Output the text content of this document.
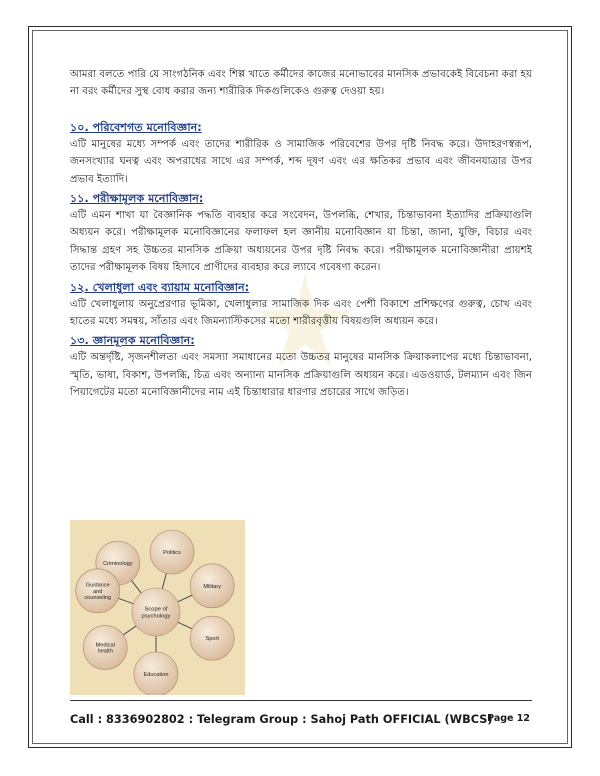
আমরা বলতে পারি যে সাংগঠনিক এবং শিল্প খাতে কর্মীদের কাজের মনোভাবের মানসিক প্রভাবকেই বিবেচনা করা হয় না বরং কর্মীদের সুস্থ বোধ করার জন্য শারীরিক দিকগুলিকেও গুরুত্ব দেওয়া হয়।

১০. পরিবেশগত মনোবিজ্ঞান:

এটি মানুষের মধ্যে সম্পর্ক এবং তাদের শারীরিক ও সামাজিক পরিবেশের উপর দৃষ্টি নিবদ্ধ করে। উদাহরণস্বরূপ, জনসংখ্যার ঘনত্ব এবং অপরাধের সাথে এর সম্পর্ক, শব্দ দূষণ এবং এর ক্ষতিকর প্রভাব এবং জীবনযাত্রার উপর প্রভাব ইত্যাদি।

১১. পরীক্ষামূলক মনোবিজ্ঞান:

এটি এমন শাখা যা বৈজ্ঞানিক পদ্ধতি ব্যবহার করে সংবেদন, উপলব্ধি, শেখার, চিন্তাভাবনা ইত্যাদির প্রক্রিয়াগুলি অধ্যয়ন করে। পরীক্ষামূলক মনোবিজ্ঞানের ফলাফল হল জ্ঞানীয় মনোবিজ্ঞান যা চিন্তা, জানা, যুক্তি, বিচার এবং সিদ্ধান্ত গ্রহণ সহ উচ্চতর মানসিক প্রক্রিয়া অধ্যয়নের উপর দৃষ্টি নিবদ্ধ করে। পরীক্ষামূলক মনোবিজ্ঞানীরা প্রায়শই তাদের পরীক্ষামূলক বিষয় হিসাবে প্রাণীদের ব্যবহার করে ল্যাবে গবেষণা করেন।

১২. খেলাধুলা এবং ব্যায়াম মনোবিজ্ঞান:

এটি খেলাধুলায় অনুপ্রেরণার ভূমিকা, খেলাধুলার সামাজিক দিক এবং পেশী বিকাশে প্রশিক্ষণের গুরুত্ব, চোখ এবং হাতের মধ্যে সমন্বয়, সাঁতার এবং জিমন্যাস্টিকসের মতো শারীরবৃত্তীয় বিষয়গুলি অধ্যয়ন করে।

১৩. জ্ঞানমূলক মনোবিজ্ঞান:

এটি অন্তর্দৃষ্টি, সৃজনশীলতা এবং সমস্যা সমাধানের মতো উচ্চতর মানুষের মানসিক ক্রিয়াকলাপের মধ্যে চিন্তাভাবনা, স্মৃতি, ভাষা, বিকাশ, উপলব্ধি, চিত্র এবং অন্যান্য মানসিক প্রক্রিয়াগুলি অধ্যয়ন করে। এডওয়ার্ড, টলম্যান এবং জিন পিয়াগেটের মতো মনোবিজ্ঞানীদের নাম এই চিন্তাধারার ধারণার প্রচারের সাথে জড়িত।

Criminology
Politics
Military
Sport
Education
Medical health
Guidance and counseling
Scope of psychology
Call : 8336902802 : Telegram Group : Sahoj Path OFFICIAL (WBCS)
Page 12
